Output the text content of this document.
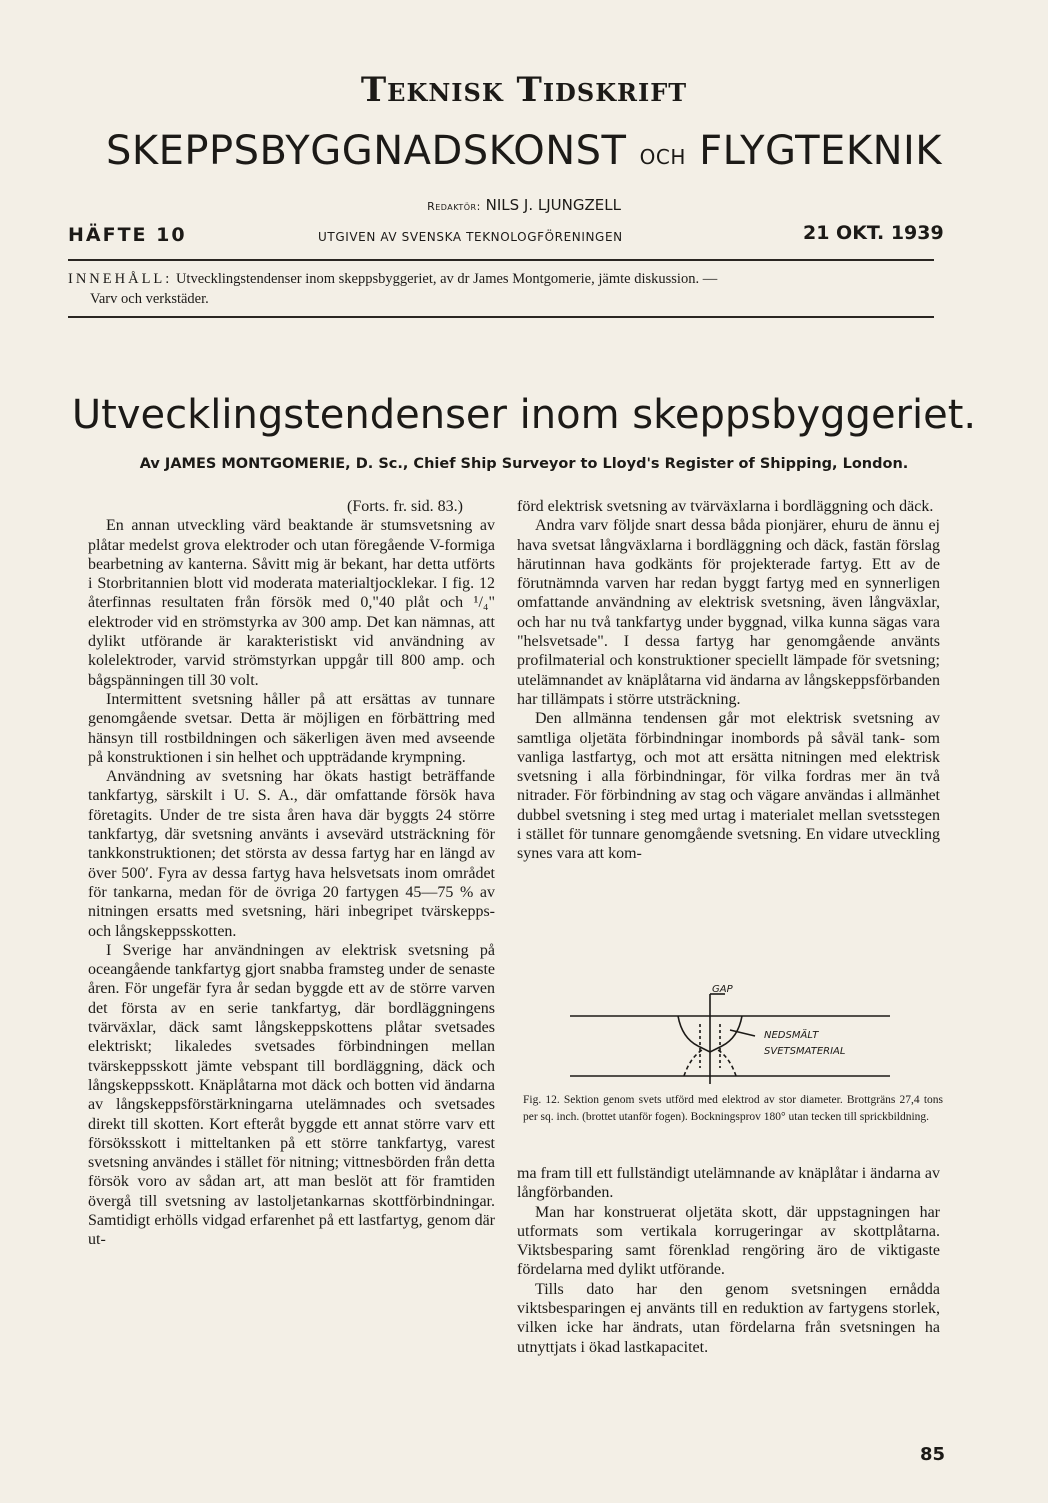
Teknisk Tidskrift
SKEPPSBYGGNADSKONST och FLYGTEKNIK
Redaktör: NILS J. LJUNGZELL
HÄFTE 10	UTGIVEN AV SVENSKA TEKNOLOGFÖRENINGEN	21 OKT. 1939
INNEHÅLL: Utvecklingstendenser inom skeppsbyggeriet, av dr James Montgomerie, jämte diskussion. —
Varv och verkstäder.
Utvecklingstendenser inom skeppsbyggeriet.
Av JAMES MONTGOMERIE, D. Sc., Chief Ship Surveyor to Lloyd's Register of Shipping, London.

(Forts. fr. sid. 83.)

En annan utveckling värd beaktande är stumsvetsning av plåtar medelst grova elektroder och utan föregående V-formiga bearbetning av kanterna. Såvitt mig är bekant, har detta utförts i Storbritannien blott vid moderata materialtjocklekar. I fig. 12 återfinnas resultaten från försök med 0,"40 plåt och ¹/₄" elektroder vid en strömstyrka av 300 amp. Det kan nämnas, att dylikt utförande är karakteristiskt vid användning av kolelektroder, varvid strömstyrkan uppgår till 800 amp. och bågspänningen till 30 volt.

Intermittent svetsning håller på att ersättas av tunnare genomgående svetsar. Detta är möjligen en förbättring med hänsyn till rostbildningen och säkerligen även med avseende på konstruktionen i sin helhet och uppträdande krympning.

Användning av svetsning har ökats hastigt beträffande tankfartyg, särskilt i U. S. A., där omfattande försök hava företagits. Under de tre sista åren hava där byggts 24 större tankfartyg, där svetsning använts i avsevärd utsträckning för tankkonstruktionen; det största av dessa fartyg har en längd av över 500′. Fyra av dessa fartyg hava helsvetsats inom området för tankarna, medan för de övriga 20 fartygen 45—75 % av nitningen ersatts med svetsning, häri inbegripet tvärskepps- och långskeppsskotten.

I Sverige har användningen av elektrisk svetsning på oceangående tankfartyg gjort snabba framsteg under de senaste åren. För ungefär fyra år sedan byggde ett av de större varven det första av en serie tankfartyg, där bordläggningens tvärväxlar, däck samt långskeppskottens plåtar svetsades elektriskt; likaledes svetsades förbindningen mellan tvärskeppsskott jämte vebspant till bordläggning, däck och långskeppsskott. Knäplåtarna mot däck och botten vid ändarna av långskeppsförstärkningarna utelämnades och svetsades direkt till skotten. Kort efteråt byggde ett annat större varv ett försöksskott i mitteltanken på ett större tankfartyg, varest svetsning användes i stället för nitning; vittnesbörden från detta försök voro av sådan art, att man beslöt att för framtiden övergå till svetsning av lastoljetankarnas skottförbindningar. Samtidigt erhölls vidgad erfarenhet på ett lastfartyg, genom där ut-

förd elektrisk svetsning av tvärväxlarna i bordläggning och däck.

Andra varv följde snart dessa båda pionjärer, ehuru de ännu ej hava svetsat långväxlarna i bordläggning och däck, fastän förslag härutinnan hava godkänts för projekterade fartyg. Ett av de förutnämnda varven har redan byggt fartyg med en synnerligen omfattande användning av elektrisk svetsning, även långväxlar, och har nu två tankfartyg under byggnad, vilka kunna sägas vara "helsvetsade". I dessa fartyg har genomgående använts profilmaterial och konstruktioner speciellt lämpade för svetsning; utelämnandet av knäplåtarna vid ändarna av långskeppsförbanden har tillämpats i större utsträckning.

Den allmänna tendensen går mot elektrisk svetsning av samtliga oljetäta förbindningar inombords på såväl tank- som vanliga lastfartyg, och mot att ersätta nitningen med elektrisk svetsning i alla förbindningar, för vilka fordras mer än två nitrader. För förbindning av stag och vägare användas i allmänhet dubbel svetsning i steg med urtag i materialet mellan svetsstegen i stället för tunnare genomgående svetsning. En vidare utveckling synes vara att kom-

GAP
NEDSMÄLT
SVETSMATERIAL
Fig. 12. Sektion genom svets utförd med elektrod av stor diameter. Brottgräns 27,4 tons per sq. inch. (brottet utanför fogen). Bockningsprov 180° utan tecken till sprickbildning.

ma fram till ett fullständigt utelämnande av knäplåtar i ändarna av långförbanden.

Man har konstruerat oljetäta skott, där uppstagningen har utformats som vertikala korrugeringar av skottplåtarna. Viktsbesparing samt förenklad rengöring äro de viktigaste fördelarna med dylikt utförande.

Tills dato har den genom svetsningen ernådda viktsbesparingen ej använts till en reduktion av fartygens storlek, vilken icke har ändrats, utan fördelarna från svetsningen ha utnyttjats i ökad lastkapacitet.

85
